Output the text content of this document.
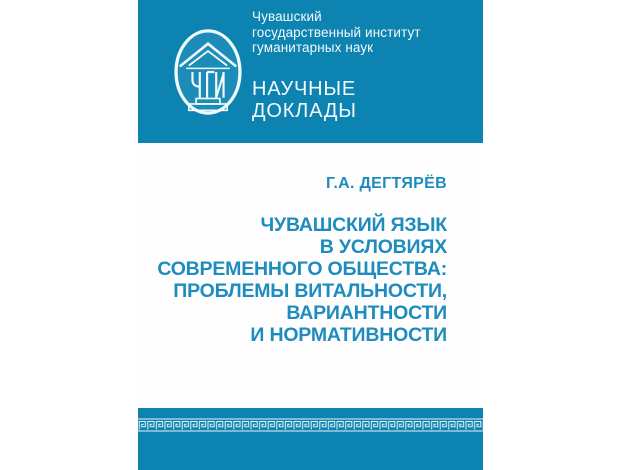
Чувашский
государственный институт
гуманитарных наук
НАУЧНЫЕ
ДОКЛАДЫ
Г.А. ДЕГТЯРЁВ
ЧУВАШСКИЙ ЯЗЫК
В УСЛОВИЯХ
СОВРЕМЕННОГО ОБЩЕСТВА:
ПРОБЛЕМЫ ВИТАЛЬНОСТИ,
ВАРИАНТНОСТИ
И НОРМАТИВНОСТИ
